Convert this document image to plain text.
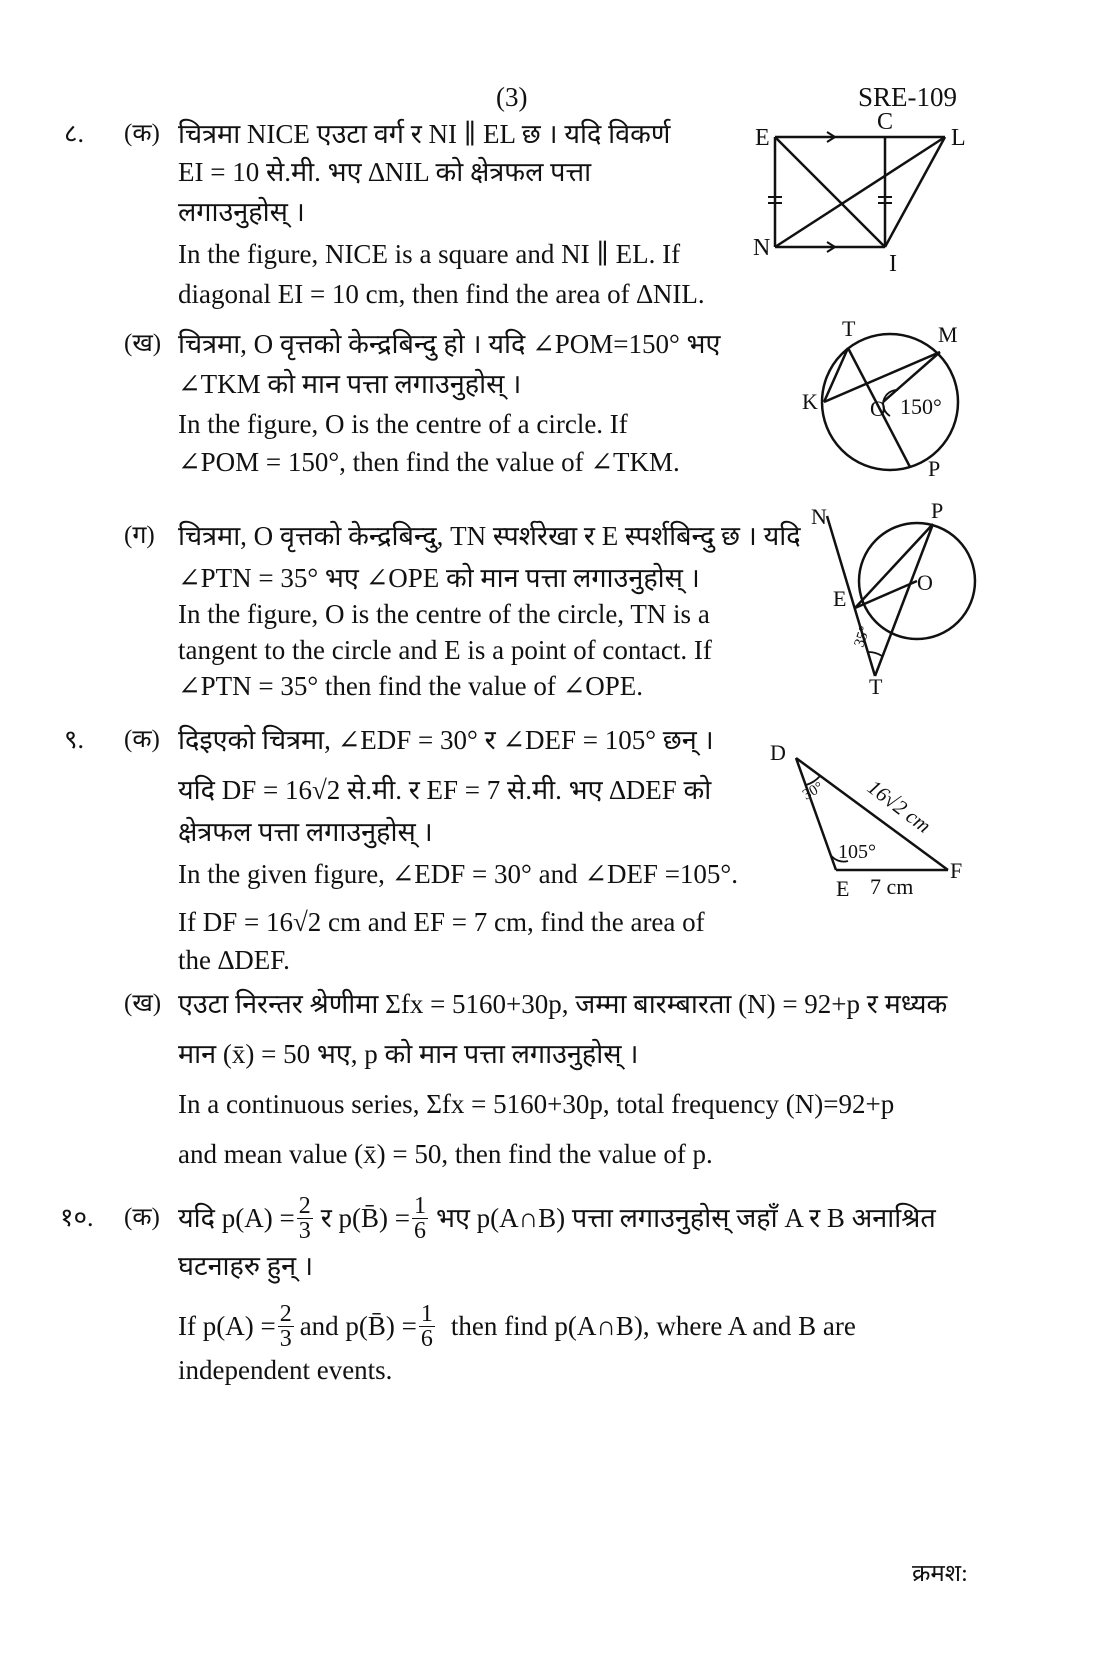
(3)	SRE-109
८. (क) चित्रमा NICE एउटा वर्ग र NI ∥ EL छ । यदि विकर्ण
EI = 10 से.मी. भए ∆NIL को क्षेत्रफल पत्ता
लगाउनुहोस् ।
In the figure, NICE is a square and NI ∥ EL. If
diagonal EI = 10 cm, then find the area of ∆NIL.
E
C
L
N
I
(ख) चित्रमा, O वृत्तको केन्द्रबिन्दु हो । यदि ∠POM=150° भए
∠TKM को मान पत्ता लगाउनुहोस् ।
In the figure, O is the centre of a circle. If
∠POM = 150°, then find the value of ∠TKM.
T	M
K O 150°
P
(ग) चित्रमा, O वृत्तको केन्द्रबिन्दु, TN स्पर्शरेखा र E स्पर्शबिन्दु छ । यदि
∠PTN = 35° भए ∠OPE को मान पत्ता लगाउनुहोस् ।
In the figure, O is the centre of the circle, TN is a
tangent to the circle and E is a point of contact. If
∠PTN = 35° then find the value of ∠OPE.
N	P
E
O
35°
T
९. (क) दिइएको चित्रमा, ∠EDF = 30° र ∠DEF = 105° छन् ।
यदि DF = 16√2 से.मी. र EF = 7 से.मी. भए ∆DEF को
क्षेत्रफल पत्ता लगाउनुहोस् ।
In the given figure, ∠EDF = 30° and ∠DEF =105°.
If DF = 16√2 cm and EF = 7 cm, find the area of
the ∆DEF.
D
30° 16√2 cm
105°
E 7 cm
F
(ख) एउटा निरन्तर श्रेणीमा Σfx = 5160+30p, जम्मा बारम्बारता (N) = 92+p र मध्यक
मान (x̄) = 50 भए, p को मान पत्ता लगाउनुहोस् ।
In a continuous series, Σfx = 5160+30p, total frequency (N)=92+p
and mean value (x̄) = 50, then find the value of p.
१०. (क) यदि $p(A) = \frac{2}{3}$ र p(B̄) = $\frac{1}{6}$ भए p(A∩B) पत्ता लगाउनुहोस् जहाँ A र B अनाश्रित
घटनाहरु हुन् ।
If $p(A) = \frac{2}{3}$ and p(B̄) = $\frac{1}{6}$ then find p(A∩B), where A and B are
independent events.
क्रमश:
